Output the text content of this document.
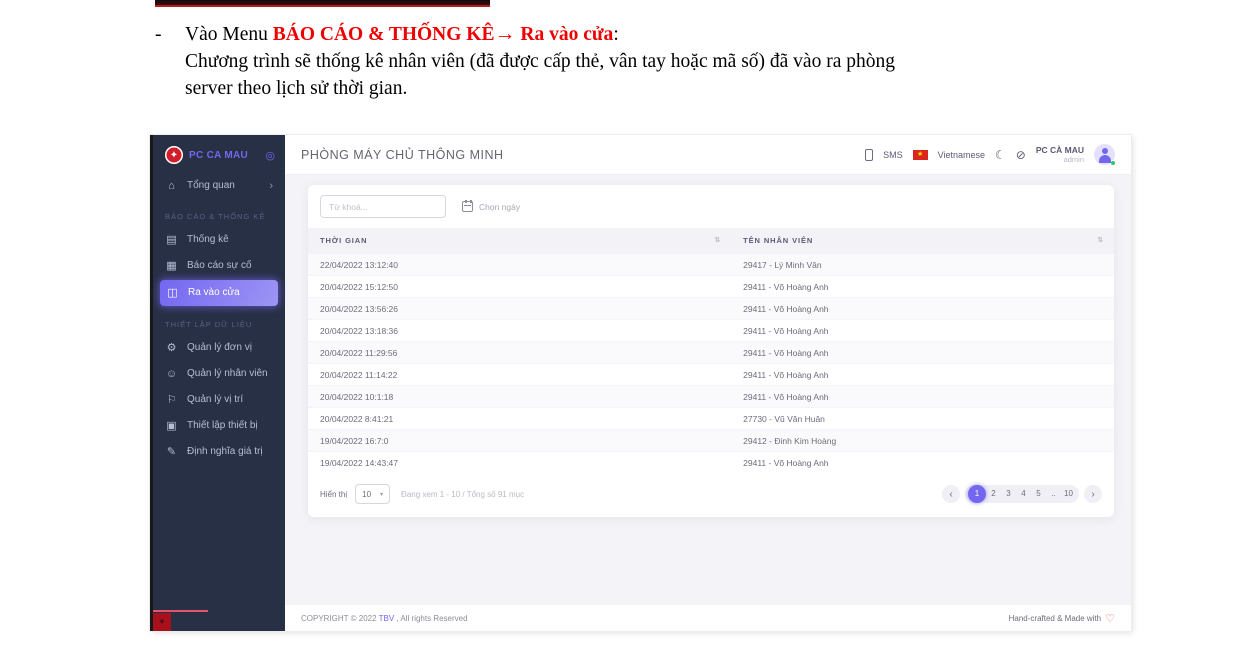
- Vào Menu BÁO CÁO & THỐNG KÊ→ Ra vào cửa:
Chương trình sẽ thống kê nhân viên (đã được cấp thẻ, vân tay hoặc mã số) đã vào ra phòng
server theo lịch sử thời gian.
✦ PC CA MAU ◎
⌂	Tổng quan	›
BÁO CÁO & THỐNG KÊ
▤ Thống kê
▦ Báo cáo sự cố
◫ Ra vào cửa
THIẾT LẬP DỮ LIỆU
⚙ Quản lý đơn vị
☺ Quản lý nhân viên
⚐ Quản lý vị trí
▣ Thiết lập thiết bị
✎ Định nghĩa giá trị
✦
PHÒNG MÁY CHỦ THÔNG MINH	SMS ★ Vietnamese ☾ ⊘ PC CÀ MAU
admin
Từ khoá...
Chọn ngày
THỜI GIAN ⇅	TÊN NHÂN VIÊN ⇅

22/04/2022 13:12:40	29417 - Lý Minh Vân
20/04/2022 15:12:50	29411 - Võ Hoàng Anh
20/04/2022 13:56:26	29411 - Võ Hoàng Anh
20/04/2022 13:18:36	29411 - Võ Hoàng Anh
20/04/2022 11:29:56	29411 - Võ Hoàng Anh
20/04/2022 11:14:22	29411 - Võ Hoàng Anh
20/04/2022 10:1:18	29411 - Võ Hoàng Anh
20/04/2022 8:41:21	27730 - Vũ Văn Huân
19/04/2022 16:7:0	29412 - Đinh Kim Hoàng
19/04/2022 14:43:47	29411 - Võ Hoàng Anh
Hiển thị 10 ▾ Đang xem 1 - 10 / Tổng số 91 mục	‹	1	2	3	4	5	..	10	›
COPYRIGHT © 2022 TBV , All rights Reserved	Hand-crafted & Made with ♡
